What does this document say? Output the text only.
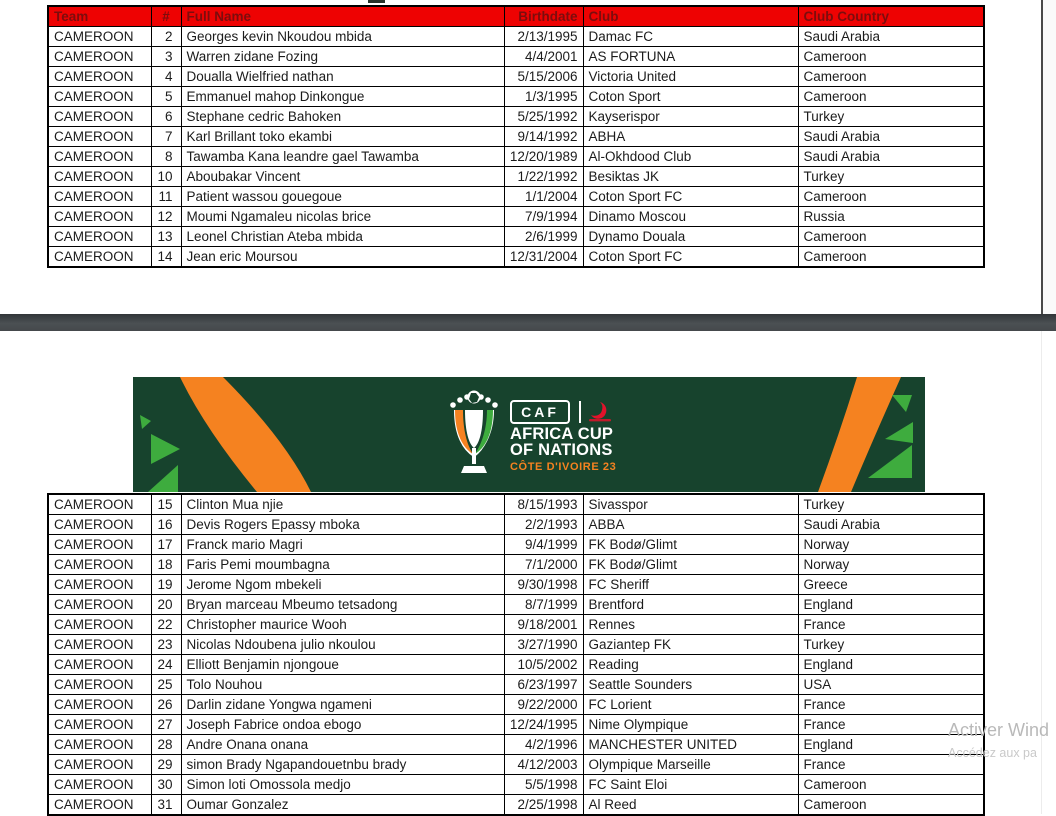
Team	#	Full Name	Birthdate	Club	Club Country
CAMEROON	2	Georges kevin Nkoudou mbida	2/13/1995	Damac FC	Saudi Arabia
CAMEROON	3	Warren zidane Fozing	4/4/2001	AS FORTUNA	Cameroon
CAMEROON	4	Doualla Wielfried nathan	5/15/2006	Victoria United	Cameroon
CAMEROON	5	Emmanuel mahop Dinkongue	1/3/1995	Coton Sport	Cameroon
CAMEROON	6	Stephane cedric Bahoken	5/25/1992	Kayserispor	Turkey
CAMEROON	7	Karl Brillant toko ekambi	9/14/1992	ABHA	Saudi Arabia
CAMEROON	8	Tawamba Kana leandre gael Tawamba	12/20/1989	Al-Okhdood Club	Saudi Arabia
CAMEROON	10	Aboubakar Vincent	1/22/1992	Besiktas JK	Turkey
CAMEROON	11	Patient wassou gouegoue	1/1/2004	Coton Sport FC	Cameroon
CAMEROON	12	Moumi Ngamaleu nicolas brice	7/9/1994	Dinamo Moscou	Russia
CAMEROON	13	Leonel Christian Ateba mbida	2/6/1999	Dynamo Douala	Cameroon
CAMEROON	14	Jean eric Moursou	12/31/2004	Coton Sport FC	Cameroon
CAF
AFRICA CUP
OF NATIONS
CÔTE D'IVOIRE 23
CAMEROON	15	Clinton Mua njie	8/15/1993	Sivasspor	Turkey
CAMEROON	16	Devis Rogers Epassy mboka	2/2/1993	ABBA	Saudi Arabia
CAMEROON	17	Franck mario Magri	9/4/1999	FK Bodø/Glimt	Norway
CAMEROON	18	Faris Pemi moumbagna	7/1/2000	FK Bodø/Glimt	Norway
CAMEROON	19	Jerome Ngom mbekeli	9/30/1998	FC Sheriff	Greece
CAMEROON	20	Bryan marceau Mbeumo tetsadong	8/7/1999	Brentford	England
CAMEROON	22	Christopher maurice Wooh	9/18/2001	Rennes	France
CAMEROON	23	Nicolas Ndoubena julio nkoulou	3/27/1990	Gaziantep FK	Turkey
CAMEROON	24	Elliott Benjamin njongoue	10/5/2002	Reading	England
CAMEROON	25	Tolo Nouhou	6/23/1997	Seattle Sounders	USA
CAMEROON	26	Darlin zidane Yongwa ngameni	9/22/2000	FC Lorient	France
CAMEROON	27	Joseph Fabrice ondoa ebogo	12/24/1995	Nime Olympique	France
CAMEROON	28	Andre Onana onana	4/2/1996	MANCHESTER UNITED	England
CAMEROON	29	simon Brady Ngapandouetnbu brady	4/12/2003	Olympique Marseille	France
CAMEROON	30	Simon loti Omossola medjo	5/5/1998	FC Saint Eloi	Cameroon
CAMEROON	31	Oumar Gonzalez	2/25/1998	Al Reed	Cameroon
Activer Wind
Accédez aux pa
